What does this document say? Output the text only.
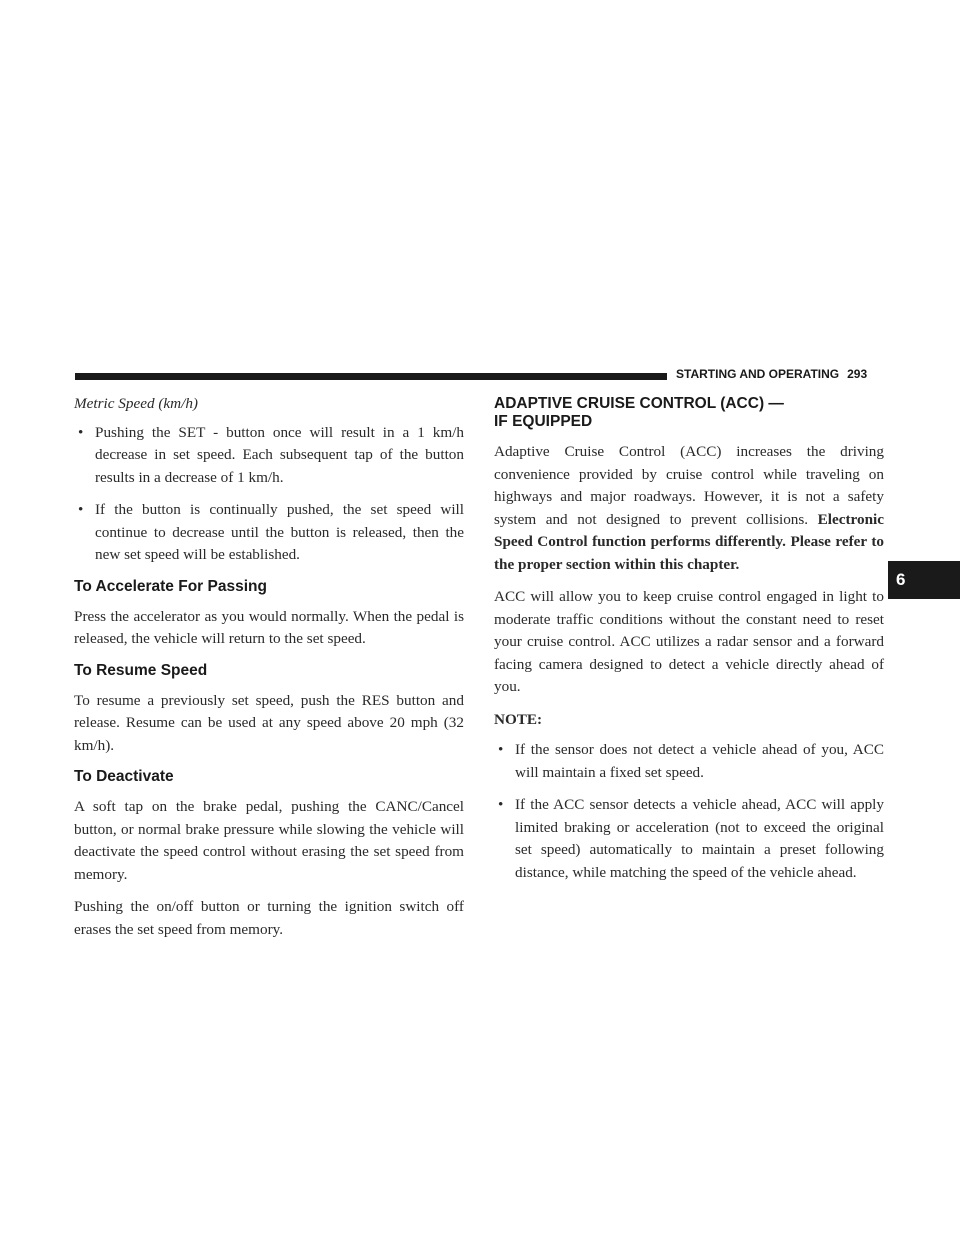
STARTING AND OPERATING 293
6

Metric Speed (km/h)

• Pushing the SET - button once will result in a 1 km/h decrease in set speed. Each subsequent tap of the button results in a decrease of 1 km/h.
• If the button is continually pushed, the set speed will continue to decrease until the button is released, then the new set speed will be established.
To Accelerate For Passing

Press the accelerator as you would normally. When the pedal is released, the vehicle will return to the set speed.

To Resume Speed

To resume a previously set speed, push the RES button and release. Resume can be used at any speed above 20 mph (32 km/h).

To Deactivate

A soft tap on the brake pedal, pushing the CANC/Cancel button, or normal brake pressure while slowing the vehicle will deactivate the speed control without erasing the set speed from memory.

Pushing the on/off button or turning the ignition switch off erases the set speed from memory.

ADAPTIVE CRUISE CONTROL (ACC) —
IF EQUIPPED

Adaptive Cruise Control (ACC) increases the driving convenience provided by cruise control while traveling on highways and major roadways. However, it is not a safety system and not designed to prevent collisions. Electronic Speed Control function performs differently. Please refer to the proper section within this chapter.

ACC will allow you to keep cruise control engaged in light to moderate traffic conditions without the constant need to reset your cruise control. ACC utilizes a radar sensor and a forward facing camera designed to detect a vehicle directly ahead of you.

NOTE:

• If the sensor does not detect a vehicle ahead of you, ACC will maintain a fixed set speed.
• If the ACC sensor detects a vehicle ahead, ACC will apply limited braking or acceleration (not to exceed the original set speed) automatically to maintain a preset following distance, while matching the speed of the vehicle ahead.
